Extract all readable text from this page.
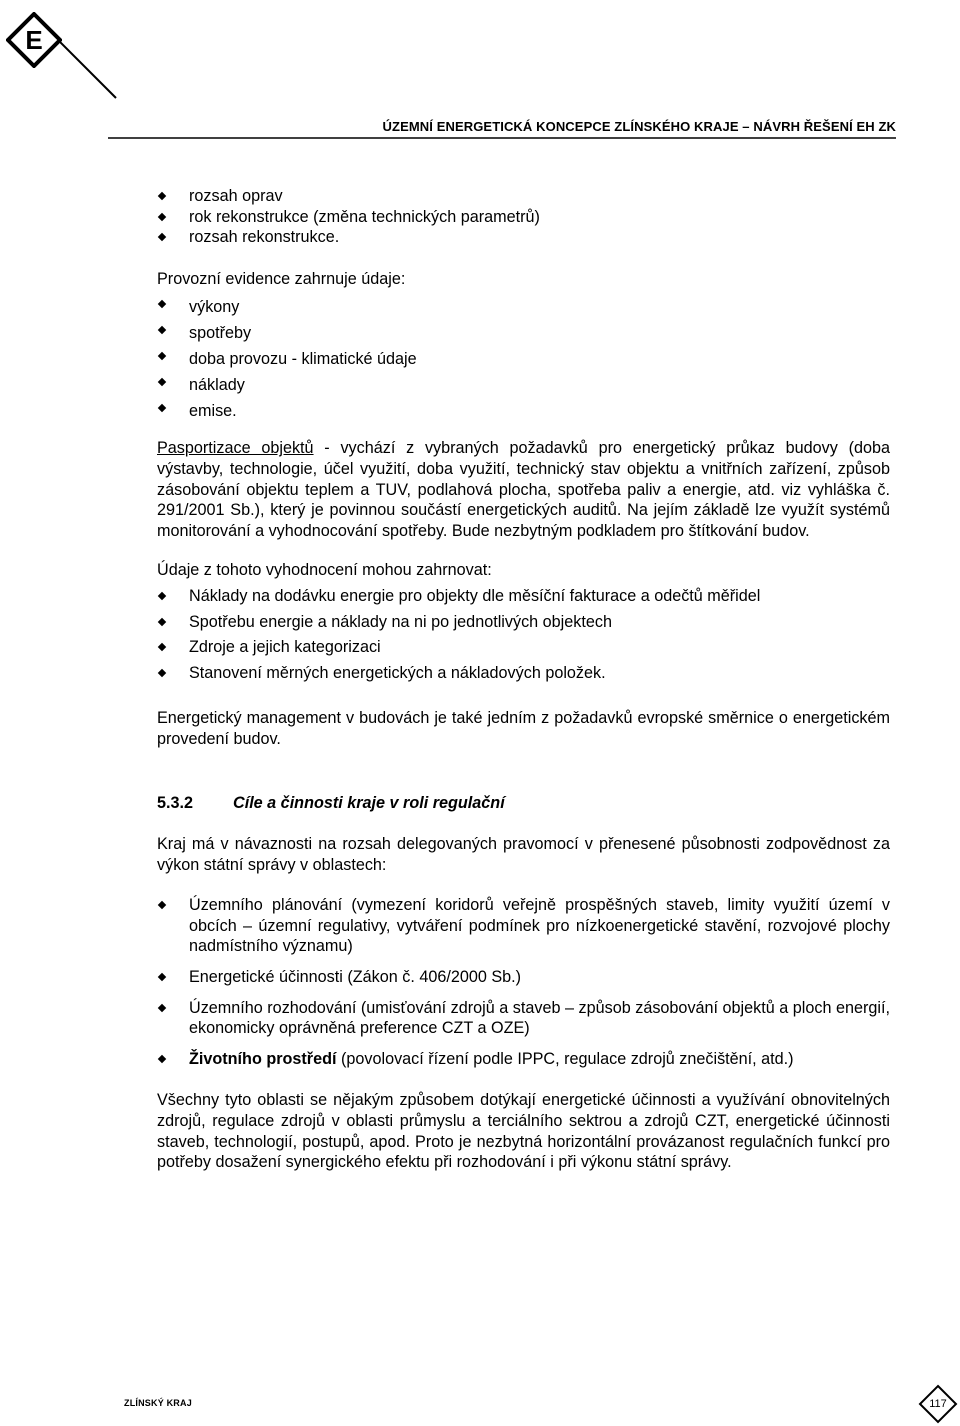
E
ÚZEMNÍ ENERGETICKÁ KONCEPCE ZLÍNSKÉHO KRAJE – NÁVRH ŘEŠENÍ EH ZK
rozsah oprav
rok rekonstrukce (změna technických parametrů)
rozsah rekonstrukce.

Provozní evidence zahrnuje údaje:

výkony
spotřeby
doba provozu - klimatické údaje
náklady
emise.

Pasportizace objektů - vychází z vybraných požadavků pro energetický průkaz budovy (doba výstavby, technologie, účel využití, doba využití, technický stav objektu a vnitřních zařízení, způsob zásobování objektu teplem a TUV, podlahová plocha, spotřeba paliv a energie, atd. viz vyhláška č. 291/2001 Sb.), který je povinnou součástí energetických auditů. Na jejím základě lze využít systémů monitorování a vyhodnocování spotřeby. Bude nezbytným podkladem pro štítkování budov.

Údaje z tohoto vyhodnocení mohou zahrnovat:

Náklady na dodávku energie pro objekty dle měsíční fakturace a odečtů měřidel
Spotřebu energie a náklady na ni po jednotlivých objektech
Zdroje a jejich kategorizaci
Stanovení měrných energetických a nákladových položek.

Energetický management v budovách je také jedním z požadavků evropské směrnice o energetickém provedení budov.

5.3.2 Cíle a činnosti kraje v roli regulační

Kraj má v návaznosti na rozsah delegovaných pravomocí v přenesené působnosti zodpovědnost za výkon státní správy v oblastech:

Územního plánování (vymezení koridorů veřejně prospěšných staveb, limity využití území v obcích – územní regulativy, vytváření podmínek pro nízkoenergetické stavění, rozvojové plochy nadmístního významu)
Energetické účinnosti (Zákon č. 406/2000 Sb.)
Územního rozhodování (umisťování zdrojů a staveb – způsob zásobování objektů a ploch energií, ekonomicky oprávněná preference CZT a OZE)
Životního prostředí (povolovací řízení podle IPPC, regulace zdrojů znečištění, atd.)

Všechny tyto oblasti se nějakým způsobem dotýkají energetické účinnosti a využívání obnovitelných zdrojů, regulace zdrojů v oblasti průmyslu a terciálního sektrou a zdrojů CZT, energetické účinnosti staveb, technologií, postupů, apod. Proto je nezbytná horizontální provázanost regulačních funkcí pro potřeby dosažení synergického efektu při rozhodování i při výkonu státní správy.

ZLÍNSKÝ KRAJ	117
